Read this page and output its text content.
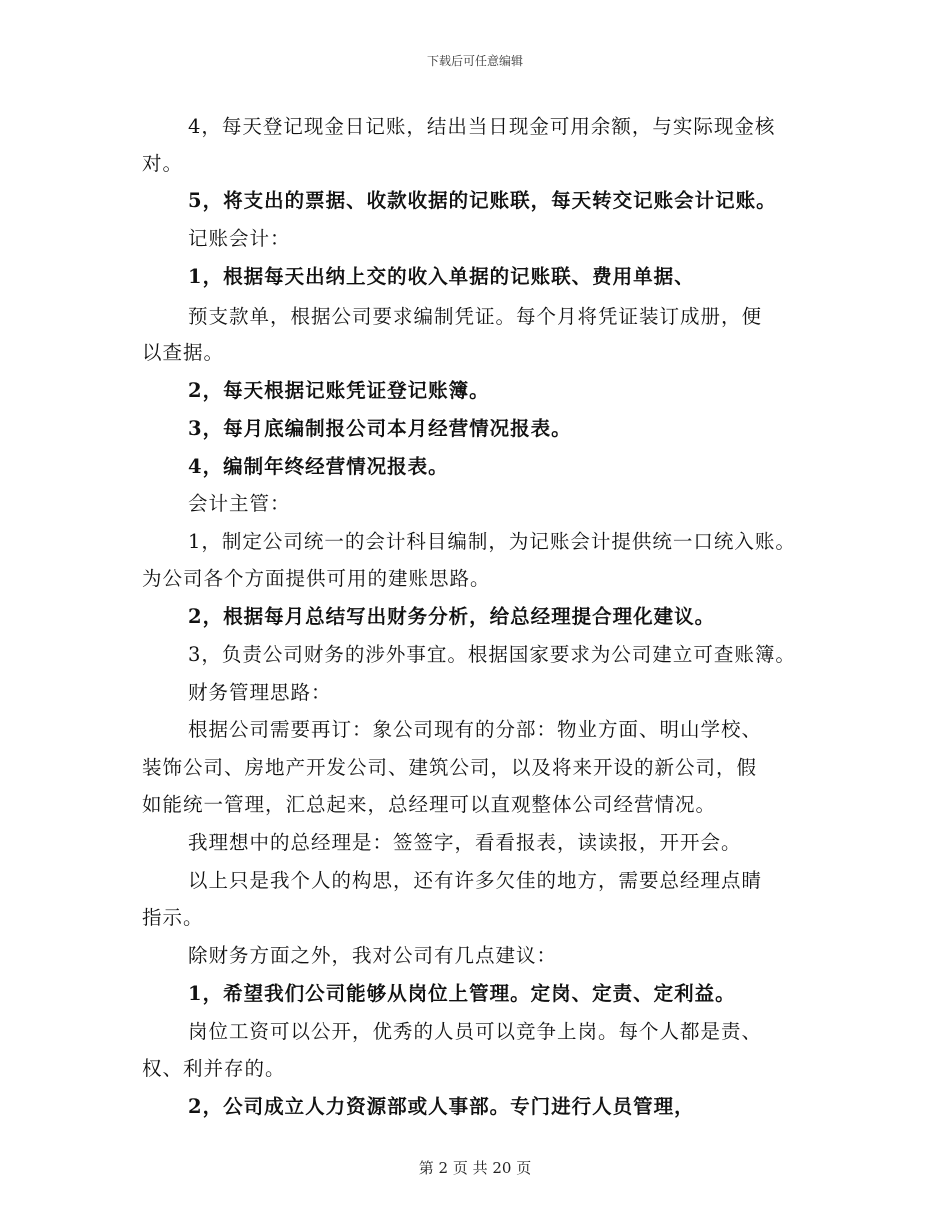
下载后可任意编辑
4，每天登记现金日记账，结出当日现金可用余额，与实际现金核
对。
5，将支出的票据、收款收据的记账联，每天转交记账会计记账。
记账会计：
1，根据每天出纳上交的收入单据的记账联、费用单据、
预支款单，根据公司要求编制凭证。每个月将凭证装订成册，便
以查据。
2，每天根据记账凭证登记账簿。
3，每月底编制报公司本月经营情况报表。
4，编制年终经营情况报表。
会计主管：
1，制定公司统一的会计科目编制，为记账会计提供统一口统入账。
为公司各个方面提供可用的建账思路。
2，根据每月总结写出财务分析，给总经理提合理化建议。
3，负责公司财务的涉外事宜。根据国家要求为公司建立可查账簿。
财务管理思路：
根据公司需要再订：象公司现有的分部：物业方面、明山学校、
装饰公司、房地产开发公司、建筑公司，以及将来开设的新公司，假
如能统一管理，汇总起来，总经理可以直观整体公司经营情况。
我理想中的总经理是：签签字，看看报表，读读报，开开会。
以上只是我个人的构思，还有许多欠佳的地方，需要总经理点睛
指示。
除财务方面之外，我对公司有几点建议：
1，希望我们公司能够从岗位上管理。定岗、定责、定利益。
岗位工资可以公开，优秀的人员可以竞争上岗。每个人都是责、
权、利并存的。
2，公司成立人力资源部或人事部。专门进行人员管理，
第 2 页 共 20 页
